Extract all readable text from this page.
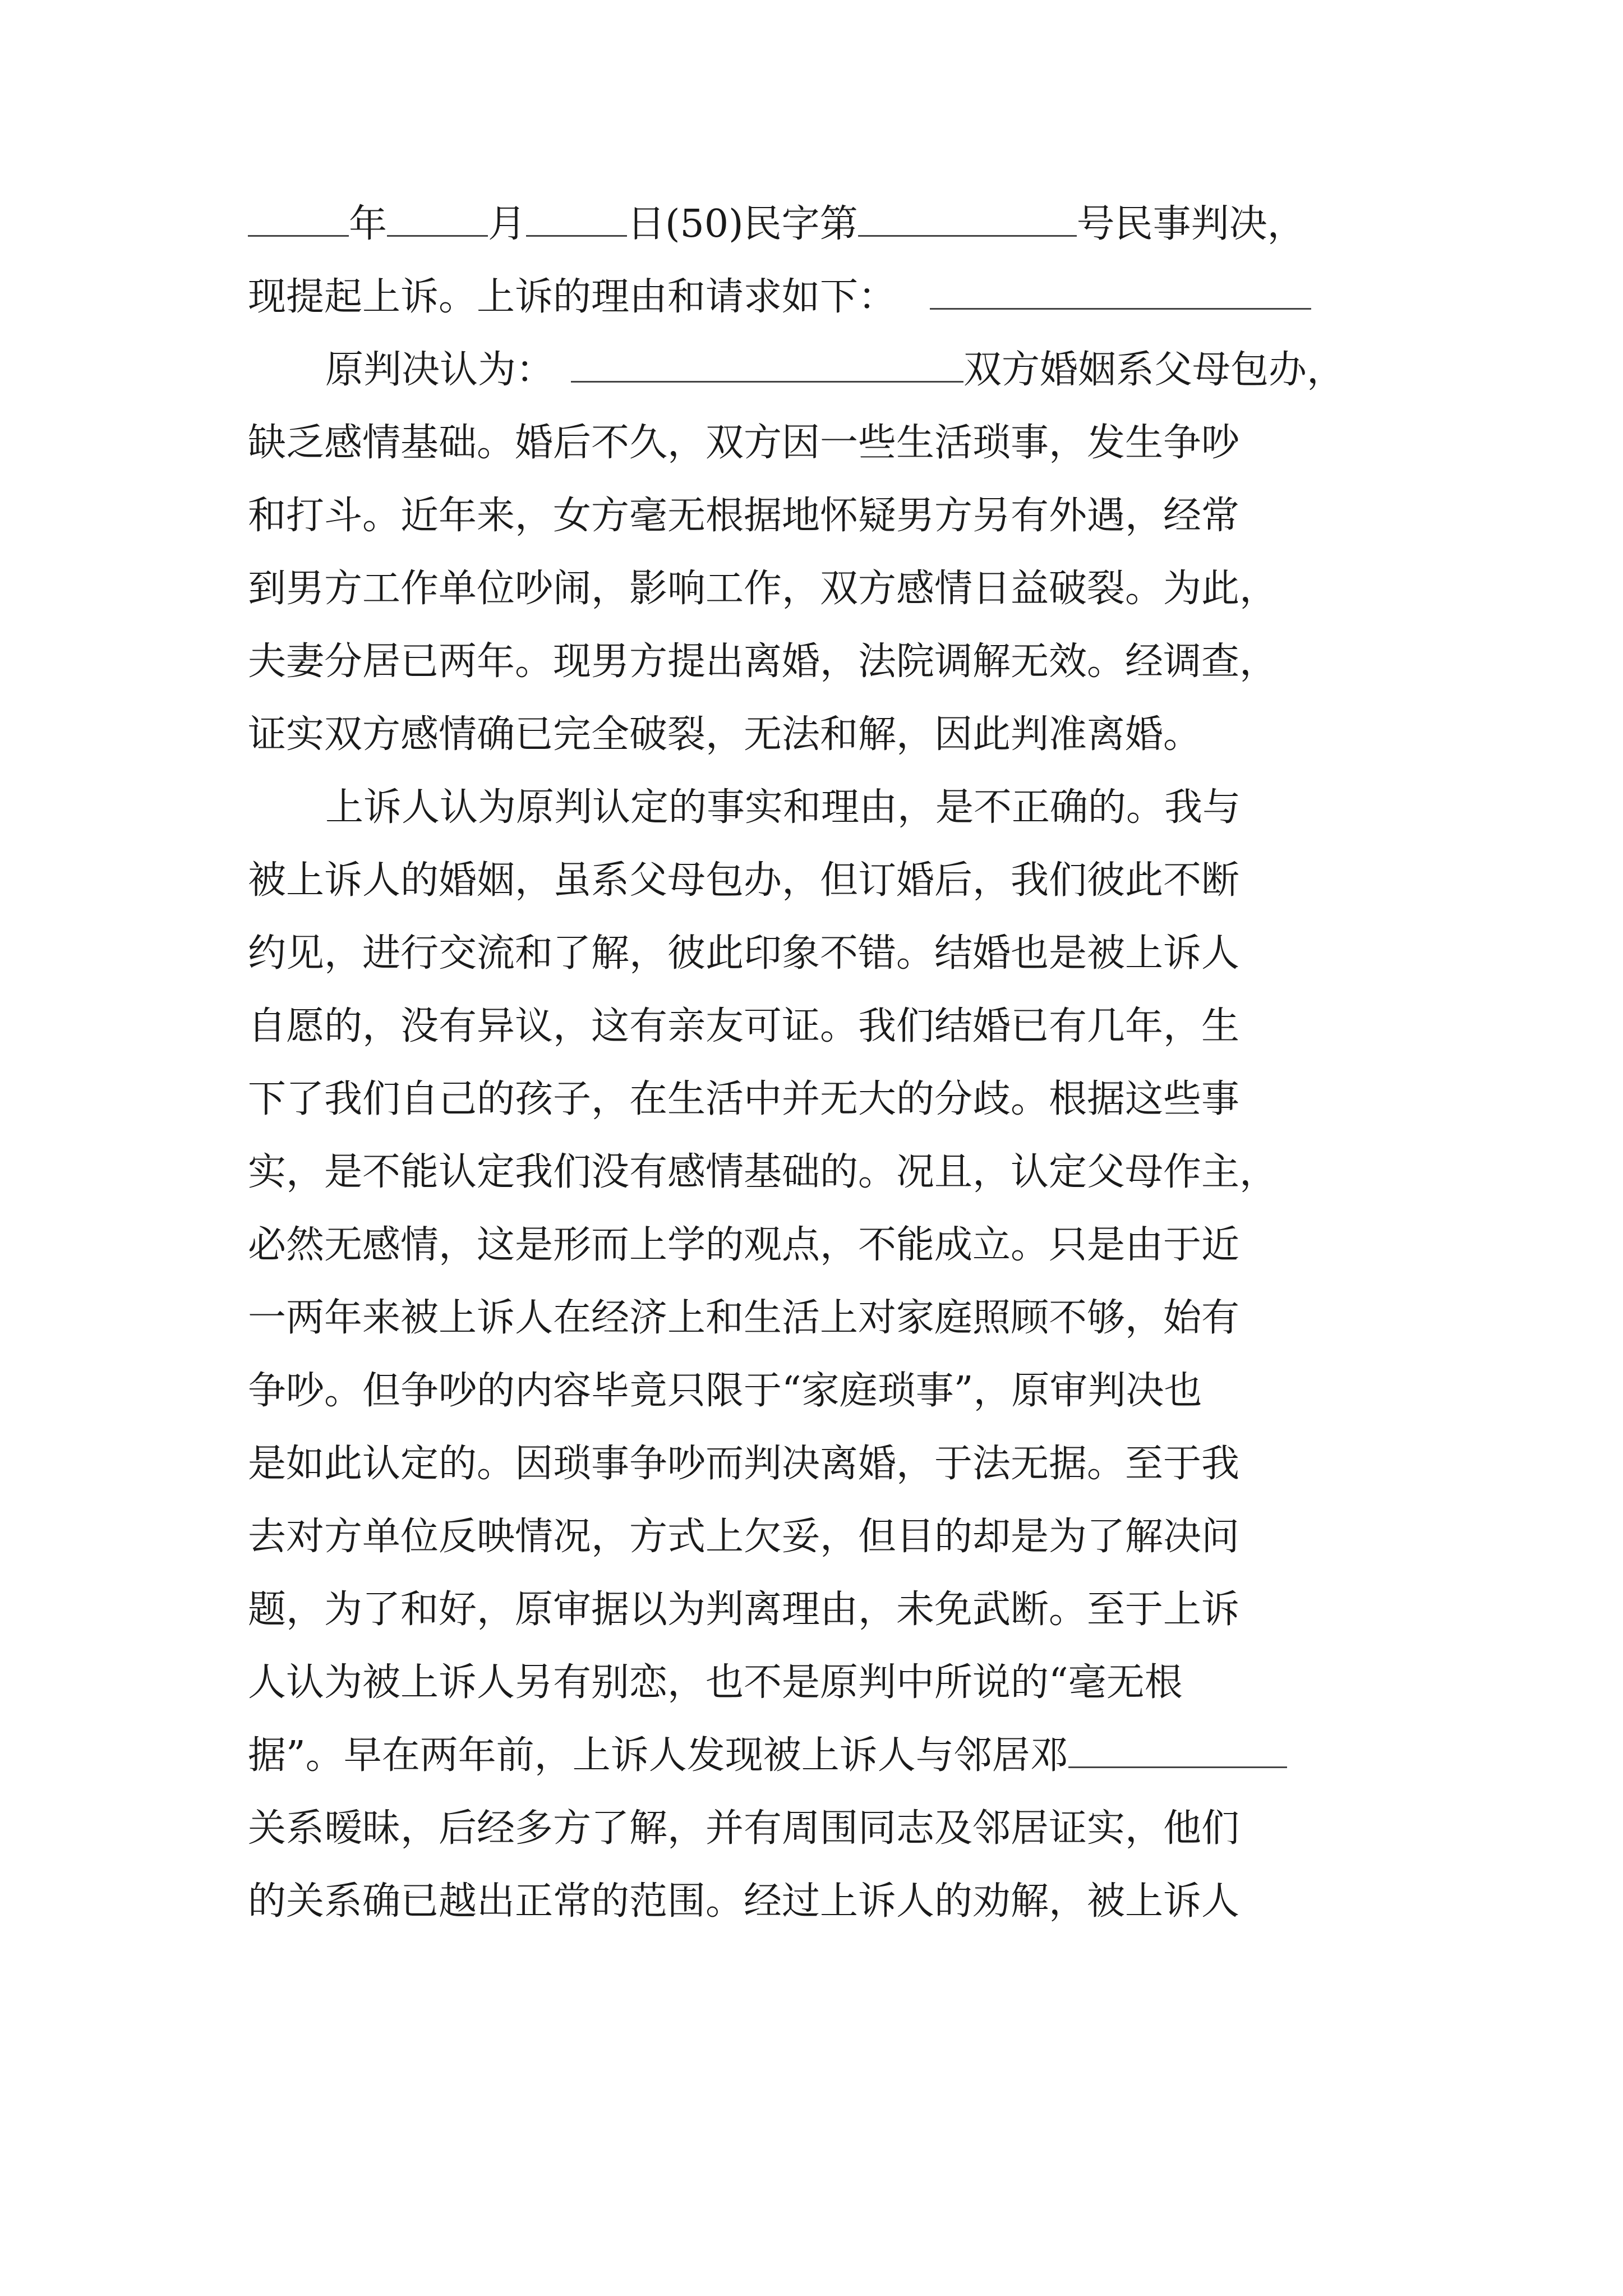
年	月	日(50)民字第	号民事判决，
现提起上诉。上诉的理由和请求如下：
原判决认为：	双方婚姻系父母包办，
缺乏感情基础。婚后不久，双方因一些生活琐事，发生争吵
和打斗。近年来，女方毫无根据地怀疑男方另有外遇，经常
到男方工作单位吵闹，影响工作，双方感情日益破裂。为此，
夫妻分居已两年。现男方提出离婚，法院调解无效。经调查，
证实双方感情确已完全破裂，无法和解，因此判准离婚。
上诉人认为原判认定的事实和理由，是不正确的。我与
被上诉人的婚姻，虽系父母包办，但订婚后，我们彼此不断
约见，进行交流和了解，彼此印象不错。结婚也是被上诉人
自愿的，没有异议，这有亲友可证。我们结婚已有几年，生
下了我们自己的孩子，在生活中并无大的分歧。根据这些事
实，是不能认定我们没有感情基础的。况且，认定父母作主，
必然无感情，这是形而上学的观点，不能成立。只是由于近
一两年来被上诉人在经济上和生活上对家庭照顾不够，始有
争吵。但争吵的内容毕竟只限于“家庭琐事”，原审判决也
是如此认定的。因琐事争吵而判决离婚，于法无据。至于我
去对方单位反映情况，方式上欠妥，但目的却是为了解决问
题，为了和好，原审据以为判离理由，未免武断。至于上诉
人认为被上诉人另有别恋，也不是原判中所说的“毫无根
据”。早在两年前，上诉人发现被上诉人与邻居邓
关系暧昧，后经多方了解，并有周围同志及邻居证实，他们
的关系确已越出正常的范围。经过上诉人的劝解，被上诉人
